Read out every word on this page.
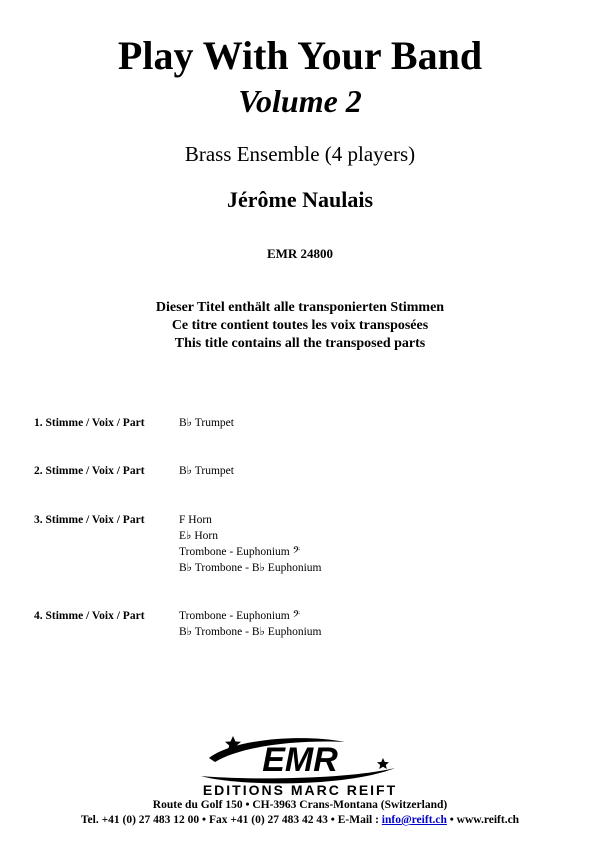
Play With Your Band
Volume 2
Brass Ensemble (4 players)
Jérôme Naulais
EMR 24800
Dieser Titel enthält alle transponierten Stimmen
Ce titre contient toutes les voix transposées
This title contains all the transposed parts
1. Stimme / Voix / Part	B♭ Trumpet
2. Stimme / Voix / Part	B♭ Trumpet
3. Stimme / Voix / Part	F Horn
E♭ Horn
Trombone - Euphonium 𝄢
B♭ Trombone - B♭ Euphonium
4. Stimme / Voix / Part	Trombone - Euphonium 𝄢
B♭ Trombone - B♭ Euphonium
EMR
EDITIONS MARC REIFT
Route du Golf 150 • CH-3963 Crans-Montana (Switzerland)
Tel. +41 (0) 27 483 12 00 • Fax +41 (0) 27 483 42 43 • E-Mail : info@reift.ch • www.reift.ch
